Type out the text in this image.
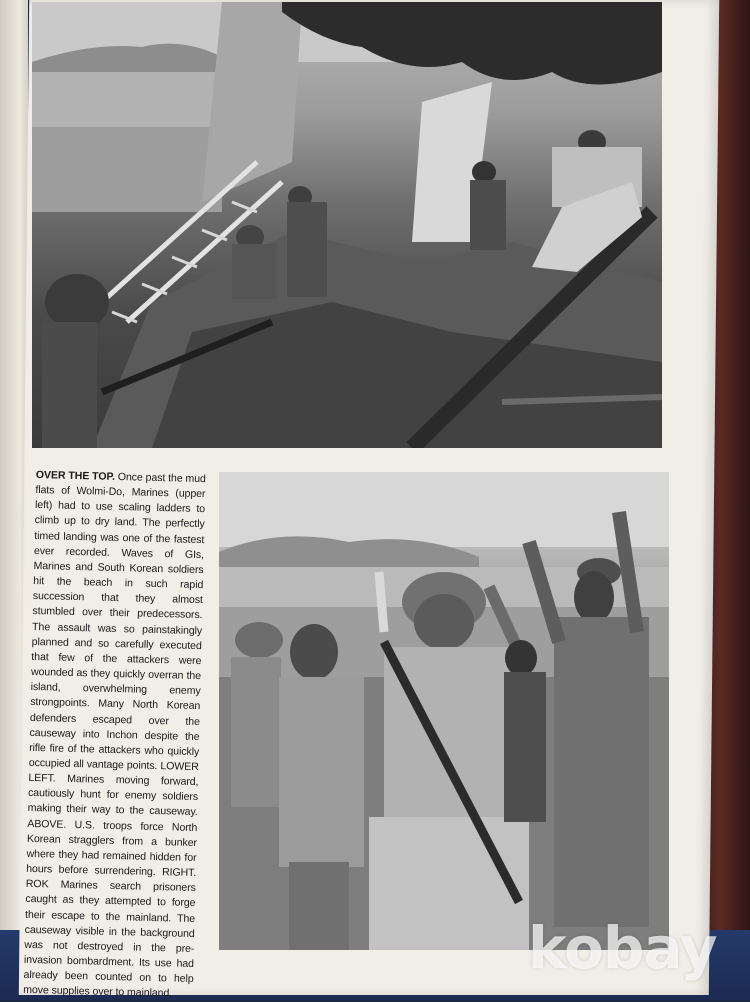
OVER THE TOP. Once past the mud flats of Wolmi-Do, Marines (upper left) had to use scaling ladders to climb up to dry land. The perfectly timed landing was one of the fastest ever recorded. Waves of GIs, Marines and South Korean soldiers hit the beach in such rapid succession that they almost stumbled over their predecessors. The assault was so painstakingly planned and so carefully executed that few of the attackers were wounded as they quickly overran the island, overwhelming enemy strongpoints. Many North Korean defenders escaped over the causeway into Inchon despite the rifle fire of the attackers who quickly occupied all vantage points. LOWER LEFT. Marines moving forward, cautiously hunt for enemy soldiers making their way to the causeway. ABOVE. U.S. troops force North Korean stragglers from a bunker where they had remained hidden for hours before surrendering. RIGHT. ROK Marines search prisoners caught as they attempted to forge their escape to the mainland. The causeway visible in the background was not destroyed in the pre-invasion bombardment. Its use had already been counted on to help move supplies over to mainland.
kobay
